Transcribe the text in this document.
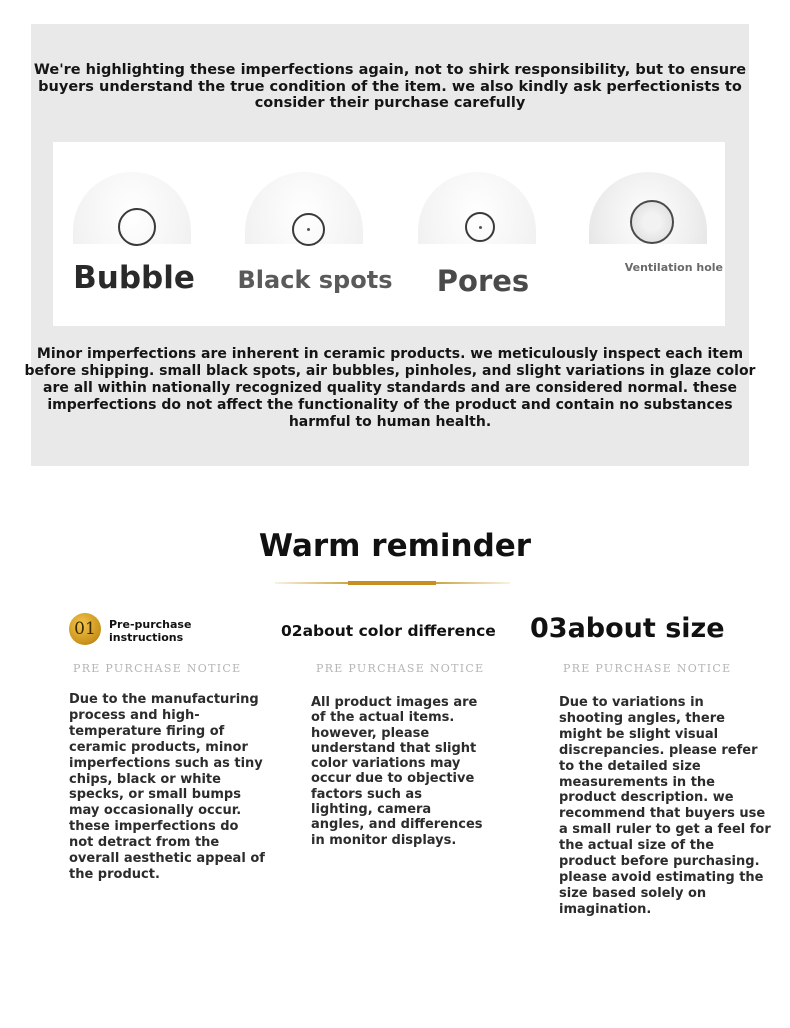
We're highlighting these imperfections again, not to shirk responsibility, but to ensure buyers understand the true condition of the item. we also kindly ask perfectionists to consider their purchase carefully
Bubble	Black spots	Pores	Ventilation hole
Minor imperfections are inherent in ceramic products. we meticulously inspect each item before shipping. small black spots, air bubbles, pinholes, and slight variations in glaze color are all within nationally recognized quality standards and are considered normal. these imperfections do not affect the functionality of the product and contain no substances harmful to human health.
Warm reminder
01	Pre-purchase instructions
PRE PURCHASE NOTICE
Due to the manufacturing process and high-temperature firing of ceramic products, minor imperfections such as tiny chips, black or white specks, or small bumps may occasionally occur. these imperfections do not detract from the overall aesthetic appeal of the product.
02about color difference
PRE PURCHASE NOTICE
All product images are of the actual items. however, please understand that slight color variations may occur due to objective factors such as lighting, camera angles, and differences in monitor displays.
03about size
PRE PURCHASE NOTICE
Due to variations in shooting angles, there might be slight visual discrepancies. please refer to the detailed size measurements in the product description. we recommend that buyers use a small ruler to get a feel for the actual size of the product before purchasing. please avoid estimating the size based solely on imagination.
